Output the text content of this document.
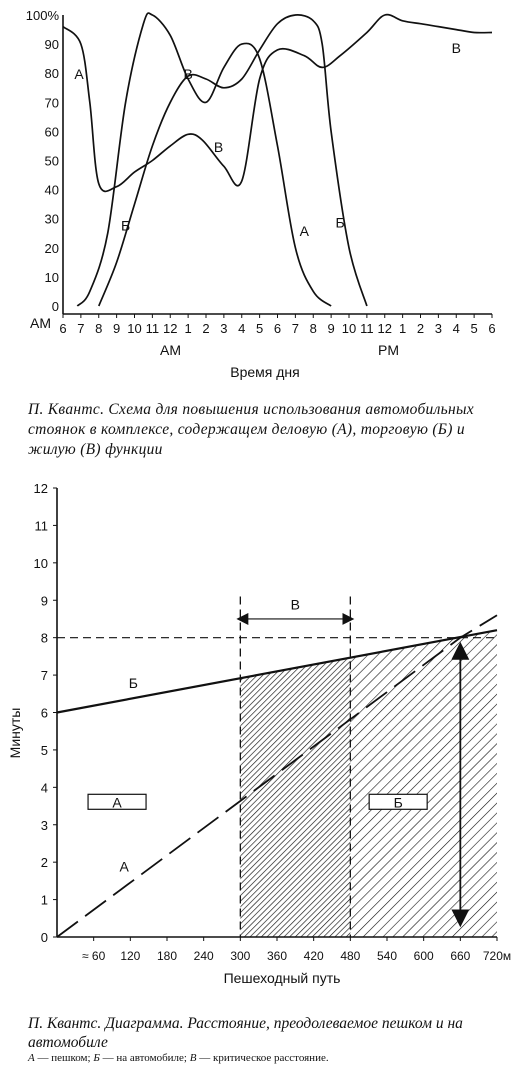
100%
90
80
70
60
50
40
30
20
10
0
6 7 8 9 10 11 12 1 2 3 4 5 6 7 8 9 10 11 12 1 2 3 4 5 6
А
В
Б
В
А
Б
В
AM
AM	PM
Время дня
П. Квантс. Схема для повышения использования автомобильных стоянок в комплексе, содержащем деловую (А), торговую (Б) и жилую (В) функции
0
1
2
3
4
5
6
7
8
9
10
11
12
≈ 60 120 180 240 300 360 420 480 540 600 660 720м
В
А	Б
А
Б
Минуты
Пешеходный путь
П. Квантс. Диаграмма. Расстояние, преодолеваемое пешком и на автомобиле
А — пешком; Б — на автомобиле; В — критическое расстояние.
